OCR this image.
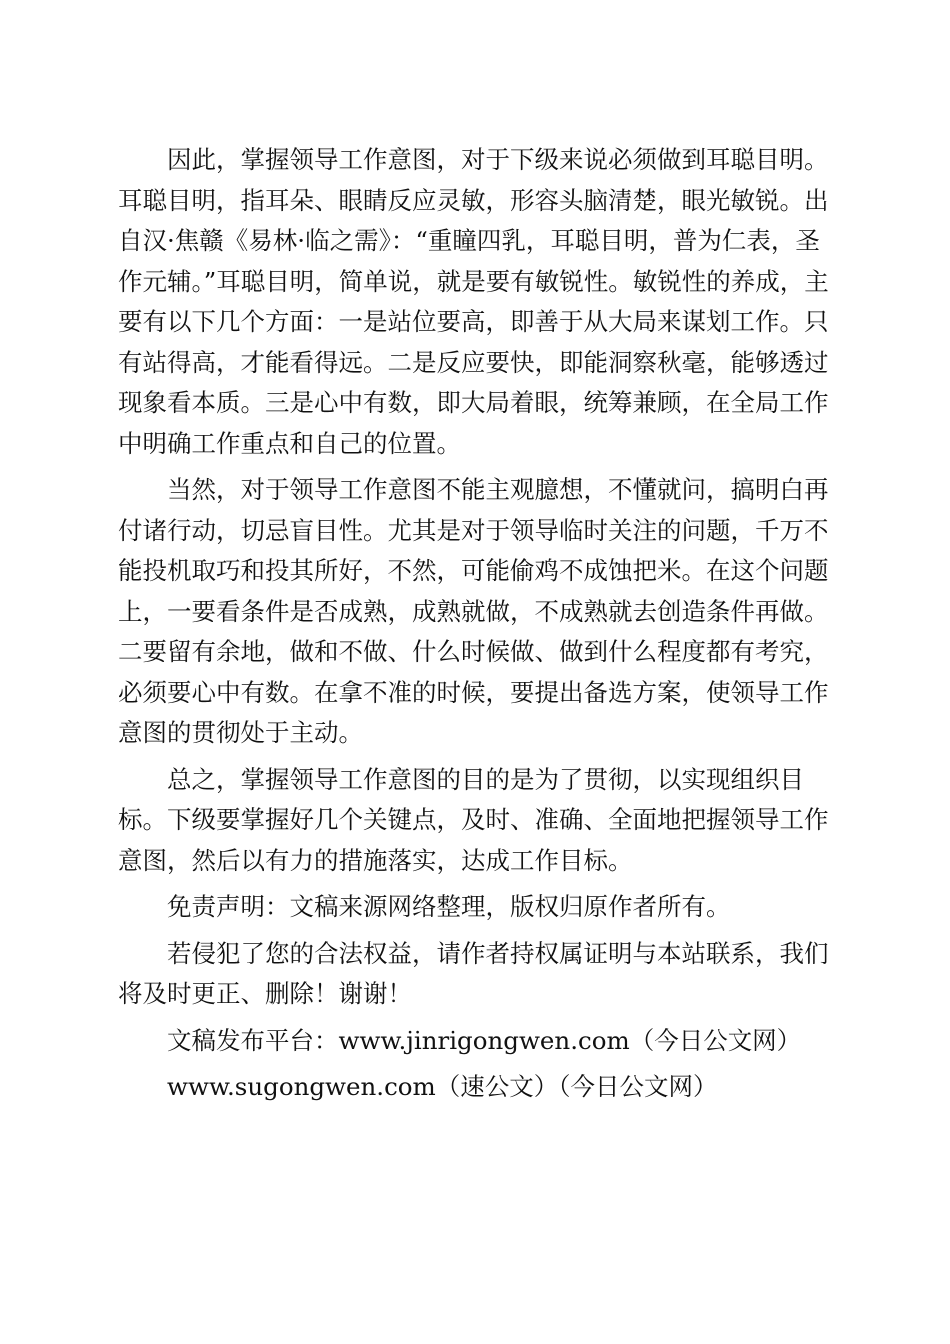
因此，掌握领导工作意图，对于下级来说必须做到耳聪目明。耳聪目明，指耳朵、眼睛反应灵敏，形容头脑清楚，眼光敏锐。出自汉·焦赣《易林·临之需》：“重瞳四乳，耳聪目明，普为仁表，圣作元辅。”耳聪目明，简单说，就是要有敏锐性。敏锐性的养成，主要有以下几个方面：一是站位要高，即善于从大局来谋划工作。只有站得高，才能看得远。二是反应要快，即能洞察秋毫，能够透过现象看本质。三是心中有数，即大局着眼，统筹兼顾，在全局工作中明确工作重点和自己的位置。

当然，对于领导工作意图不能主观臆想，不懂就问，搞明白再付诸行动，切忌盲目性。尤其是对于领导临时关注的问题，千万不能投机取巧和投其所好，不然，可能偷鸡不成蚀把米。在这个问题上，一要看条件是否成熟，成熟就做，不成熟就去创造条件再做。二要留有余地，做和不做、什么时候做、做到什么程度都有考究，必须要心中有数。在拿不准的时候，要提出备选方案，使领导工作意图的贯彻处于主动。

总之，掌握领导工作意图的目的是为了贯彻，以实现组织目标。下级要掌握好几个关键点，及时、准确、全面地把握领导工作意图，然后以有力的措施落实，达成工作目标。

免责声明：文稿来源网络整理，版权归原作者所有。

若侵犯了您的合法权益，请作者持权属证明与本站联系，我们将及时更正、删除！谢谢！

文稿发布平台：www.jinrigongwen.com（今日公文网）

www.sugongwen.com（速公文）（今日公文网）
